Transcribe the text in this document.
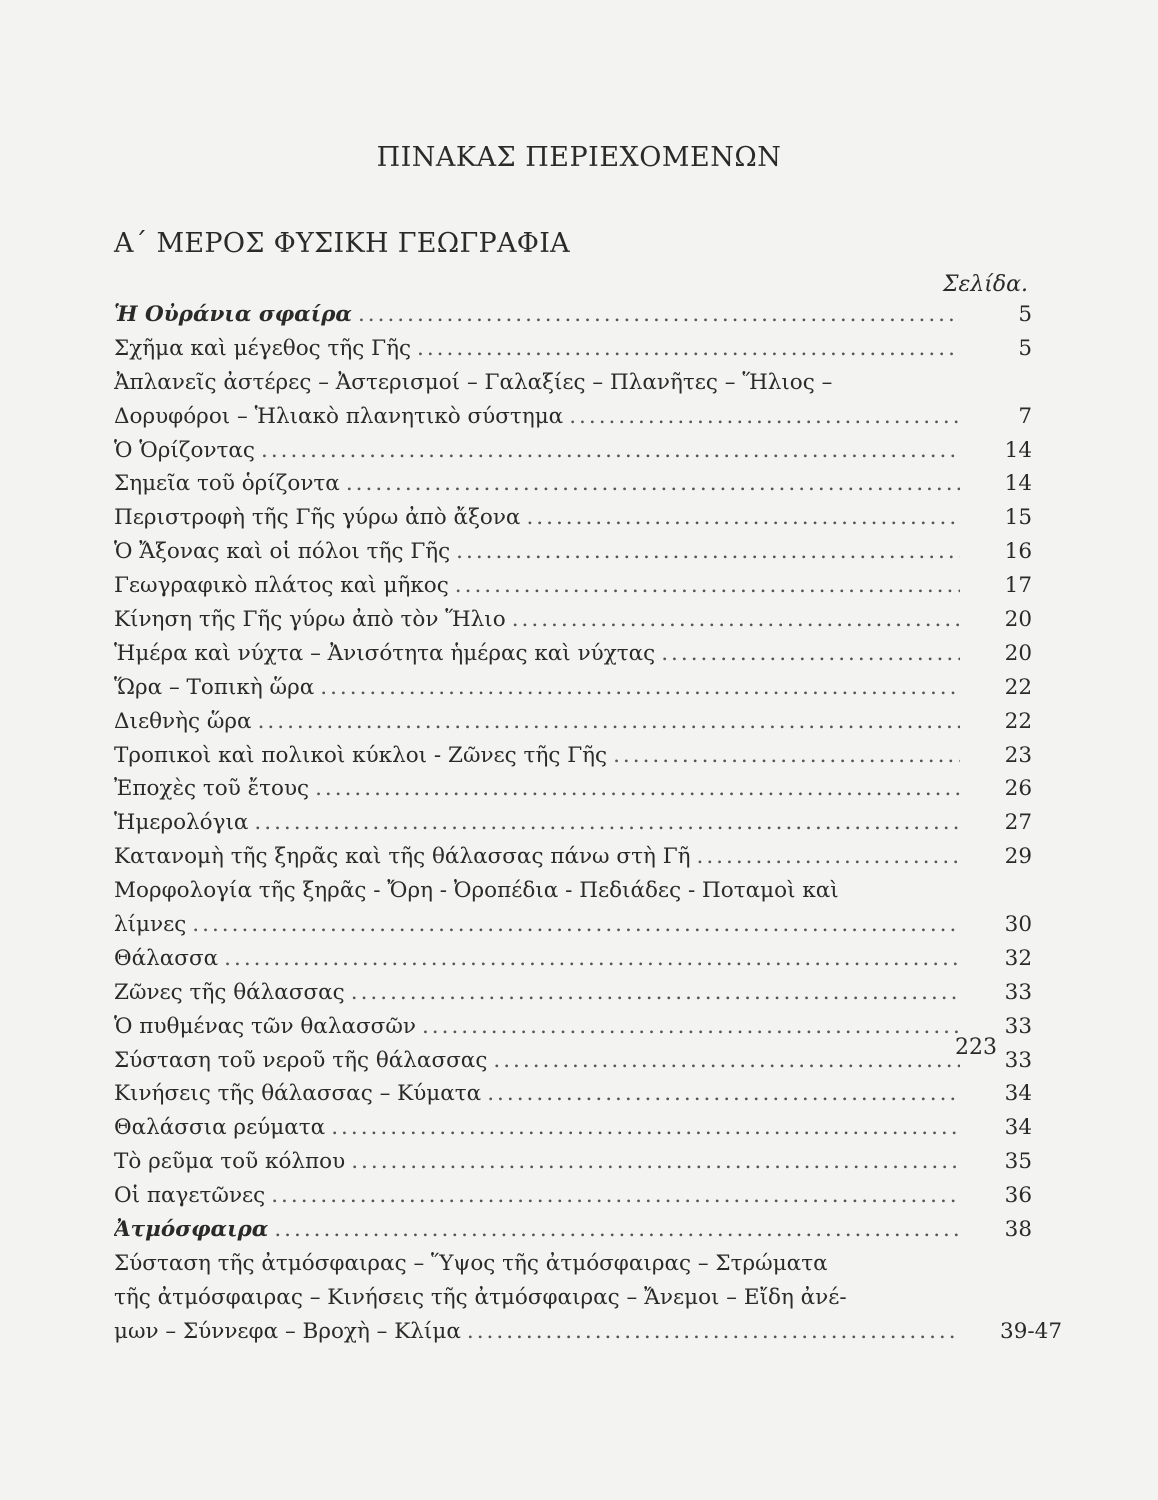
ΠΙΝΑΚΑΣ ΠΕΡΙΕΧΟΜΕΝΩΝ
Α΄ ΜΕΡΟΣ ΦΥΣΙΚΗ ΓΕΩΓΡΑΦΙΑ
Σελίδα.
Ἡ Οὐράνια σφαίρα .....	5
Σχῆμα καὶ μέγεθος τῆς Γῆς .....	5
Ἀπλανεῖς ἀστέρες – Ἀστερισμοί – Γαλαξίες – Πλανῆτες – Ἥλιος –
Δορυφόροι – Ἡλιακὸ πλανητικὸ σύστημα .....	7
Ὁ Ὁρίζοντας .....	14
Σημεῖα τοῦ ὁρίζοντα .....	14
Περιστροφὴ τῆς Γῆς γύρω ἀπὸ ἄξονα .....	15
Ὁ Ἄξονας καὶ οἱ πόλοι τῆς Γῆς .....	16
Γεωγραφικὸ πλάτος καὶ μῆκος .....	17
Κίνηση τῆς Γῆς γύρω ἀπὸ τὸν Ἥλιο .....	20
Ἡμέρα καὶ νύχτα – Ἀνισότητα ἡμέρας καὶ νύχτας .....	20
Ὥρα – Τοπικὴ ὥρα .....	22
Διεθνὴς ὥρα .....	22
Τροπικοὶ καὶ πολικοὶ κύκλοι - Ζῶνες τῆς Γῆς .....	23
Ἐποχὲς τοῦ ἔτους .....	26
Ἡμερολόγια .....	27
Κατανομὴ τῆς ξηρᾶς καὶ τῆς θάλασσας πάνω στὴ Γῆ .....	29
Μορφολογία τῆς ξηρᾶς - Ὄρη - Ὀροπέδια - Πεδιάδες - Ποταμοὶ καὶ
λίμνες .....	30
Θάλασσα .....	32
Ζῶνες τῆς θάλασσας .....	33
Ὁ πυθμένας τῶν θαλασσῶν .....	33
Σύσταση τοῦ νεροῦ τῆς θάλασσας .....	33
Κινήσεις τῆς θάλασσας – Κύματα .....	34
Θαλάσσια ρεύματα .....	34
Τὸ ρεῦμα τοῦ κόλπου .....	35
Οἱ παγετῶνες .....	36
Ἀτμόσφαιρα .....	38
Σύσταση τῆς ἀτμόσφαιρας – Ὕψος τῆς ἀτμόσφαιρας – Στρώματα
τῆς ἀτμόσφαιρας – Κινήσεις τῆς ἀτμόσφαιρας – Ἄνεμοι – Εἴδη ἀνέ-
μων – Σύννεφα – Βροχὴ – Κλίμα .....	39-47
223
